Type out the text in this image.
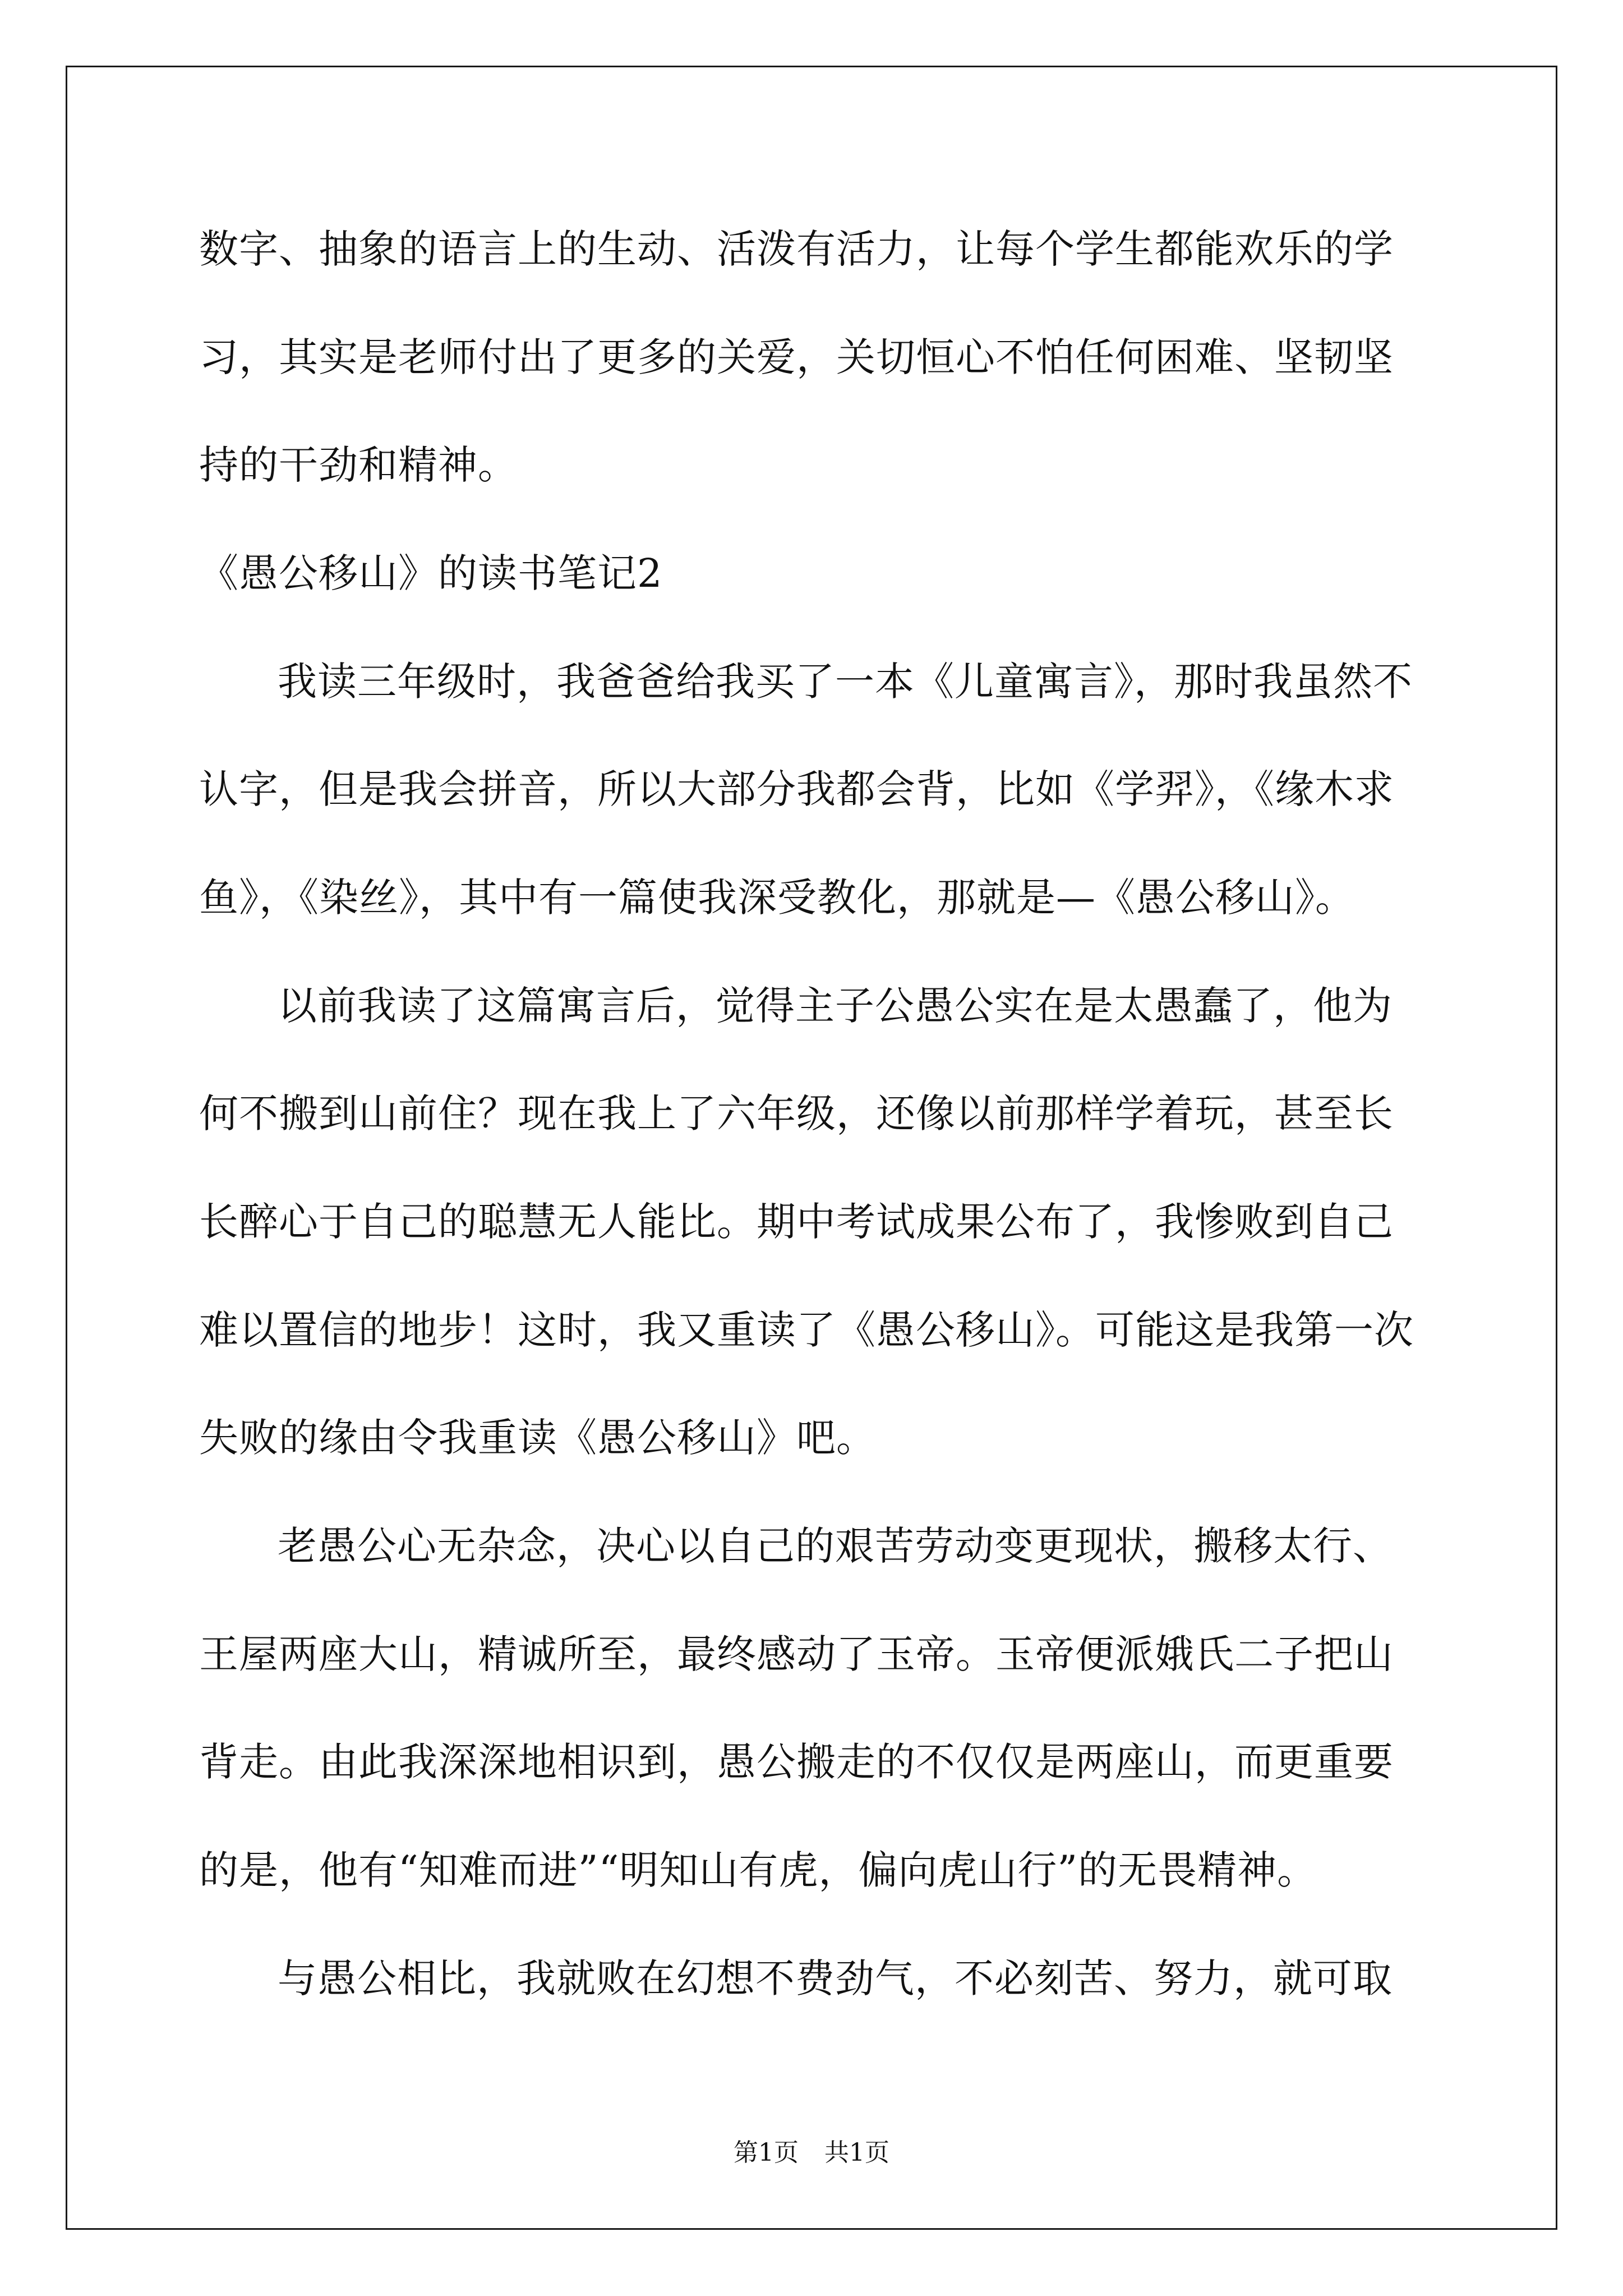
数字、抽象的语言上的生动、活泼有活力，让每个学生都能欢乐的学
习，其实是老师付出了更多的关爱，关切恒心不怕任何困难、坚韧坚
持的干劲和精神。
《愚公移山》的读书笔记2
我读三年级时，我爸爸给我买了一本《儿童寓言》，那时我虽然不
认字，但是我会拼音，所以大部分我都会背，比如《学羿》，《缘木求
鱼》，《染丝》，其中有一篇使我深受教化，那就是—《愚公移山》。
以前我读了这篇寓言后，觉得主子公愚公实在是太愚蠢了，他为
何不搬到山前住？现在我上了六年级，还像以前那样学着玩，甚至长
长醉心于自己的聪慧无人能比。期中考试成果公布了，我惨败到自己
难以置信的地步！这时，我又重读了《愚公移山》。可能这是我第一次
失败的缘由令我重读《愚公移山》吧。
老愚公心无杂念，决心以自己的艰苦劳动变更现状，搬移太行、
王屋两座大山，精诚所至，最终感动了玉帝。玉帝便派娥氏二子把山
背走。由此我深深地相识到，愚公搬走的不仅仅是两座山，而更重要
的是，他有“知难而进”“明知山有虎，偏向虎山行”的无畏精神。
与愚公相比，我就败在幻想不费劲气，不必刻苦、努力，就可取
第1页 共1页
